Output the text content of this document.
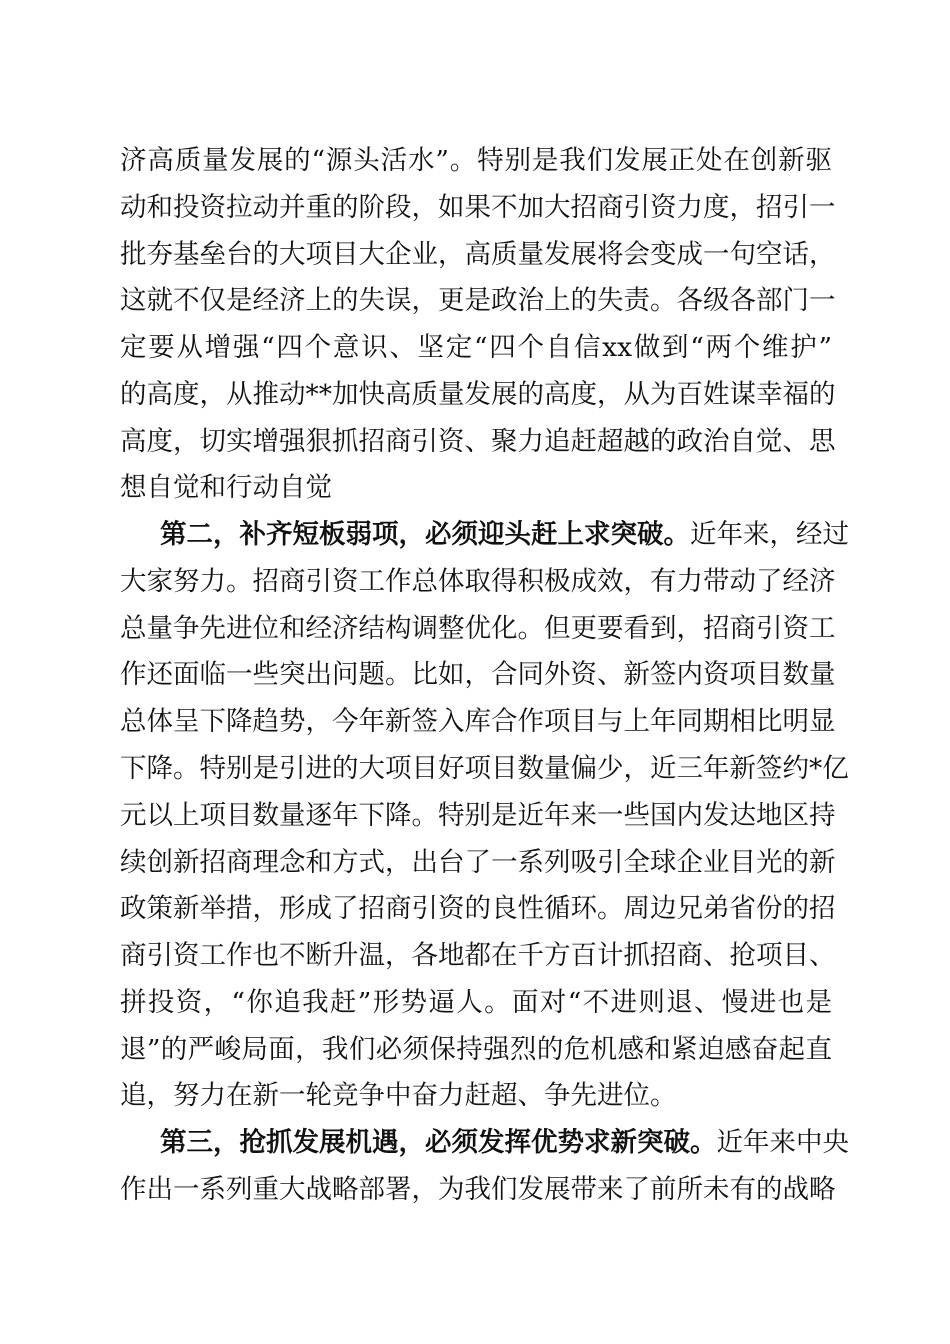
济高质量发展的“源头活水”。特别是我们发展正处在创新驱
动和投资拉动并重的阶段，如果不加大招商引资力度，招引一
批夯基垒台的大项目大企业，高质量发展将会变成一句空话，
这就不仅是经济上的失误，更是政治上的失责。各级各部门一
定要从增强“四个意识、坚定“四个自信xx做到“两个维护”
的高度，从推动**加快高质量发展的高度，从为百姓谋幸福的
高度，切实增强狠抓招商引资、聚力追赶超越的政治自觉、思
想自觉和行动自觉
第二，补齐短板弱项，必须迎头赶上求突破。近年来，经过
大家努力。招商引资工作总体取得积极成效，有力带动了经济
总量争先进位和经济结构调整优化。但更要看到，招商引资工
作还面临一些突出问题。比如，合同外资、新签内资项目数量
总体呈下降趋势，今年新签入库合作项目与上年同期相比明显
下降。特别是引进的大项目好项目数量偏少，近三年新签约*亿
元以上项目数量逐年下降。特别是近年来一些国内发达地区持
续创新招商理念和方式，出台了一系列吸引全球企业目光的新
政策新举措，形成了招商引资的良性循环。周边兄弟省份的招
商引资工作也不断升温，各地都在千方百计抓招商、抢项目、
拼投资，“你追我赶”形势逼人。面对“不进则退、慢进也是
退”的严峻局面，我们必须保持强烈的危机感和紧迫感奋起直
追，努力在新一轮竞争中奋力赶超、争先进位。
第三，抢抓发展机遇，必须发挥优势求新突破。近年来中央
作出一系列重大战略部署，为我们发展带来了前所未有的战略
